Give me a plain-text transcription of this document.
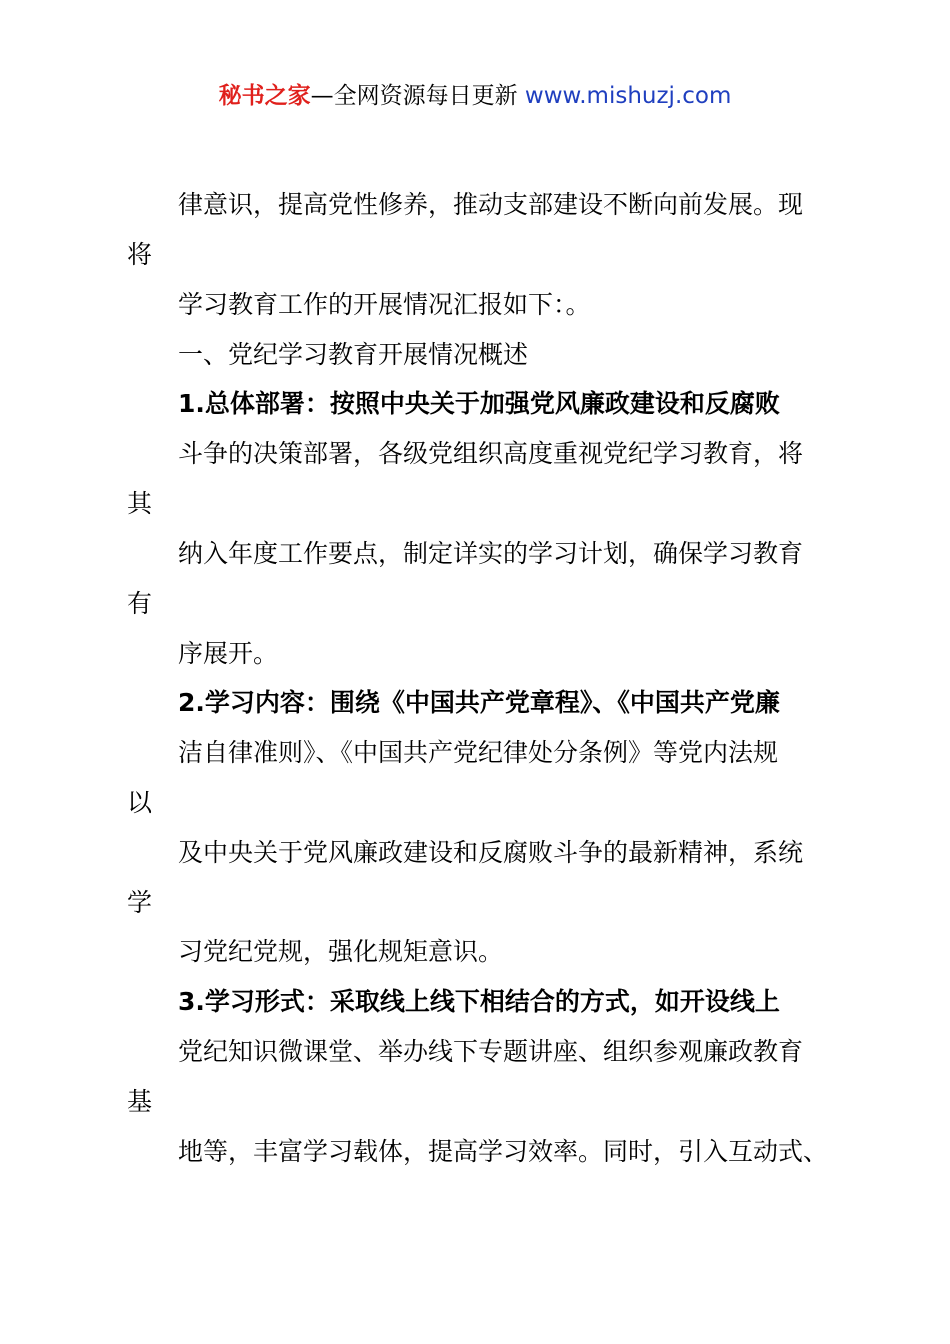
秘书之家—全网资源每日更新 www.mishuzj.com
律意识，提高党性修养，推动支部建设不断向前发展。现
将
学习教育工作的开展情况汇报如下：。
一、党纪学习教育开展情况概述
1.总体部署：按照中央关于加强党风廉政建设和反腐败
斗争的决策部署，各级党组织高度重视党纪学习教育，将
其
纳入年度工作要点，制定详实的学习计划，确保学习教育
有
序展开。
2.学习内容：围绕《中国共产党章程》、《中国共产党廉
洁自律准则》、《中国共产党纪律处分条例》等党内法规
以
及中央关于党风廉政建设和反腐败斗争的最新精神，系统
学
习党纪党规，强化规矩意识。
3.学习形式：采取线上线下相结合的方式，如开设线上
党纪知识微课堂、举办线下专题讲座、组织参观廉政教育
基
地等，丰富学习载体，提高学习效率。同时，引入互动式、
